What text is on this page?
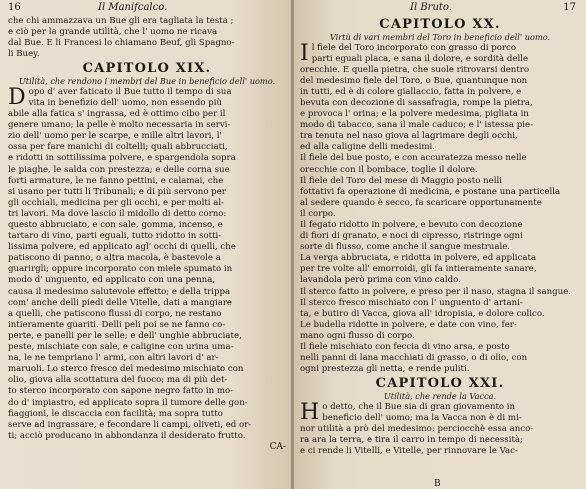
16	Il Manifcalco.

che chi ammazzava un Bue gli era tagliata la testa ;

e ciò per la grande utilità, che l' uomo ne ricava

dal Bue. E li Francesi lo chiamano Beuf, gli Spagno-

li Buey.

CAPITOLO XIX.
Utilità, che rendono i membri del Bue in beneficio dell' uomo.
D opo d' aver faticato il Bue tutto il tempo di sua

vita in benefizio dell' uomo, non essendo più

abile alla fatica s' ingrassa, ed è ottimo cibo per il

genere umano; la pelle è molto necessaria in servi-

zio dell' uomo per le scarpe, e mille altri lavori, l'

ossa per fare manichi di coltelli; quali abbrucciati,

e ridotti in sottilissima polvere, e spargendola sopra

le piaghe, le salda con prestezza; e delle corna sue

forti armature, le ne fanno pettini, e calamai, che

si usano per tutti li Tribunali; e di più servono per

gli occhiali, medicina per gli occhi, e per molti al-

tri lavori. Ma dove lascio il midollo di detto corno:

questo abbruciato, e con sale, gomma, incenso, e

tartaro di vino, parti eguali, tutto ridotto in sotti-

lissima polvere, ed applicato agl' occhi di quelli, che

patiscono di panno, o altra macola, è bastevole a

guarirgli; oppure incorporato con miele spumato in

modo d' unguento, ed applicato con una penna,

causa il medesimo salutevole effetto; e della trippa

com' anche delli piedi delle Vitelle, dati a mangiare

a quelli, che patiscono flussi di corpo, ne restano

intieramente guariti. Delli peli poi se ne fanno co-

perte, e panelli per le selle; e dell' unghie abbruciate,

peste, mischiate con sale, e caligine con urina uma-

na, le ne tempriano l' armi, con altri lavori d' ar-

maruoli. Lo sterco fresco del medesimo mischiato con

olio, giova alla scottatura del fuoco; ma di più det-

to sterco incorporato con sapone negro fatto in mo-

do d' impiastro, ed applicato sopra il tumore delle gon-

fiaggioni, le discaccia con facilità; ma sopra tutto

serve ad ingrassare, e fecondare li campi, oliveti, ed or-

ti; acciò producano in abbondanza il desiderato frutto.

CA-
Il Bruto.	17
CAPITOLO XX.
Virtù di vari membri del Toro in beneficio dell' uomo.
I l fiele del Toro incorporato con grasso di porco

parti eguali placa, e sana il dolore, e sordità delle

orecchie. E quella pietra, che suole ritrovarsi dentro

del medesimo fiele del Toro, o Bue, quantunque non

in tutti, ed è di colore giallaccio, fatta in polvere, e

bevuta con decozione di sassafragia, rompe la pietra,

e provoca l' orina; e la polvere medesima, pigliata in

modo di tabacco, sana il male caduco; e l' istessa pie-

tra tenuta nel naso giova al lagrimare degli occhi,

ed alla caligine delli medesimi.

Il fiele del bue posto, e con accuratezza messo nelle

orecchie con il bombace, toglie il dolore.

Il fiele del Toro del mese di Maggio posto nelli

fottativi fa operazione di medicina, e postane una particella

al sedere quando è secco, fa scaricare opportunamente

il corpo.

Il fegato ridotto in polvere, e bevuto con decozione

di fiori di granato, e noci di cipresso, ristringe ogni

sorte di flusso, come anche il sangue mestruale.

La verga abbruciata, e ridotta in polvere, ed applicata

per tre volte all' emorroidi, gli fa intieramente sanare,

lavandola però prima con vino caldo.

Il sterco fatto in polvere, e preso per il naso, stagna il sangue.

Il sterco fresco mischiato con l' unguento d' artani-

ta, e butiro di Vacca, giova all' idropisia, e dolore colico.

Le budella ridotte in polvere, e date con vino, fer-

mano ogni flusso di corpo.

Il fiele mischiato con feccia di vino arsa, e posto

nelli panni di lana macchiati di grasso, o di olio, con

ogni prestezza gli netta, e rende puliti.

CAPITOLO XXI.
Utilità, che rende la Vacca.
H o detto, che il Bue sia di gran giovamento in

beneficio dell' uomo; ma la Vacca non è di mi-

nor utilità a prò del medesimo: perciocchè essa anco-

ra ara la terra, e tira il carro in tempo di necessità;

e ci rende li Vitelli, e Vitelle, per rinnovare le Vac-

B
